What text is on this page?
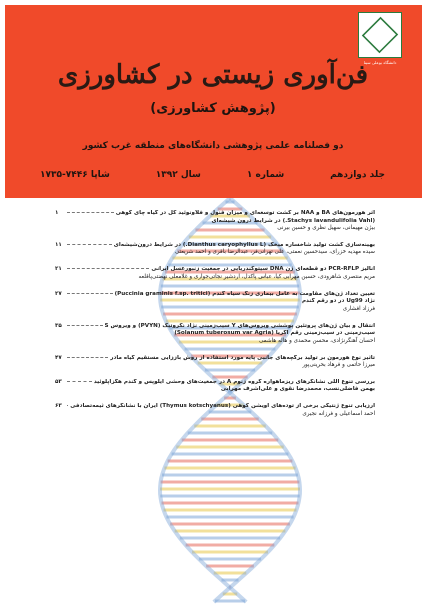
دانشگاه بوعلی سینا
فن‌آوری زیستی در کشاورزی
(پژوهش کشاورزی)
دو فصلنامه علمی پژوهشی دانشگاه‌های منطقه غرب کشور
جلد دوازدهم
شماره ۱
سال ۱۳۹۲
شاپا ۷۴۴۶-۱۷۳۵
اثر هورمون‌های BA و NAA بر کشت توسعه‌ای و میزان فنول و فلاونوئید کل در گیاه چای کوهی
۱
(Stachys lavandulifolia Vahl.) در شرایط درون شیشه‌ای
بیژن مهیمانی، سهیل نظری و حسین بیرنی
بهینه‌سازی کشت تولید شاخساره میخک (Dianthus caryophyllus L.) در شرایط درون‌شیشه‌ای
۱۱
سیده مهدیه خزرای، سید‌حسین نعمتی، علی تهرانی‌فر، عبدالرضا باقری و احمد شریعتی
آنالیز PCR-RFLP دو قطعه‌ای ژن DNA سیتوکندریایی در جمعیت زنبورعسل ایرانی
۲۱
مریم منتصری شاهرودی، حسین مهرابی کیا، عباس پاکدل، اردشیر نجاتی‌جواری و غلامعلی نهضتی‌پاقلعه
تعیین تعداد ژن‌های مقاومت به عامل بیماری زنگ سیاه گندم (Puccinia graminis f.sp. tritici)
۲۷
نژاد Ug99 در دو رقم گندم
فرزاد افشاری
انتقال و بیان ژن‌های پروتئین پوششی ویروس‌های Y سیب‌زمینی نژاد نکروتیک (PVYN) و ویروس S
۳۵
سیب‌زمینی در سیب‌زمینی رقم آگریا (Solanum tuberosum var Agria)
احسان آهنگرنژادی، محسن محمدی و هاله هاشمی
تاثیر نوع هورمون بر تولید برگچه‌های جانبی پایه مورد استفاده از روش باززایی مستقیم گیاه مادر
۴۷
میرزا حاتمی و فرهاد بحرینی‌پور
بررسی تنوع آللی نشانگرهای ریزماهواره گروه ژنوم A در جمعیت‌های وحشی آیلوپس و گندم هگزاپلوئید
۵۳
بهمن فاضلی‌نسب، محمدرضا نقوی و علی‌اشرف مهرابی
ارزیابی تنوع ژنتیکی برخی از توده‌های آویشن کوهی (Thymus kotschyanus) ایران با نشانگرهای ثیمه‌تصادفی
۶۳
احمد اسماعیلی و فرزانه نجیری
